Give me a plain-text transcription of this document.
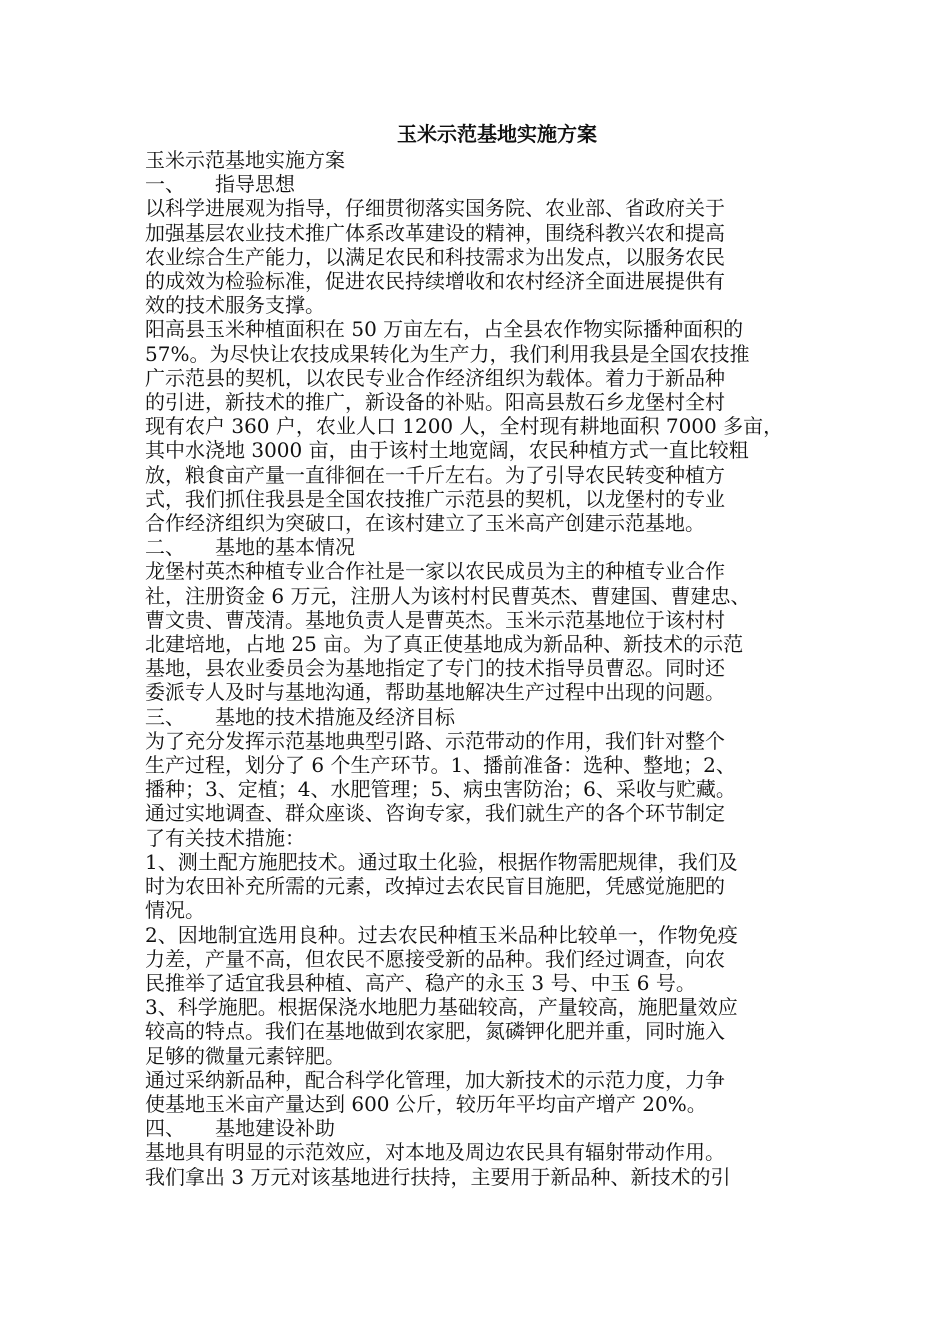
玉米示范基地实施方案
玉米示范基地实施方案
一、 指导思想
以科学进展观为指导，仔细贯彻落实国务院、农业部、省政府关于
加强基层农业技术推广体系改革建设的精神，围绕科教兴农和提高
农业综合生产能力，以满足农民和科技需求为出发点，以服务农民
的成效为检验标准，促进农民持续增收和农村经济全面进展提供有
效的技术服务支撑。
阳高县玉米种植面积在 50 万亩左右，占全县农作物实际播种面积的
57%。为尽快让农技成果转化为生产力，我们利用我县是全国农技推
广示范县的契机，以农民专业合作经济组织为载体。着力于新品种
的引进，新技术的推广，新设备的补贴。阳高县敖石乡龙堡村全村
现有农户 360 户，农业人口 1200 人，全村现有耕地面积 7000 多亩，
其中水浇地 3000 亩，由于该村土地宽阔，农民种植方式一直比较粗
放，粮食亩产量一直徘徊在一千斤左右。为了引导农民转变种植方
式，我们抓住我县是全国农技推广示范县的契机，以龙堡村的专业
合作经济组织为突破口，在该村建立了玉米高产创建示范基地。
二、 基地的基本情况
龙堡村英杰种植专业合作社是一家以农民成员为主的种植专业合作
社，注册资金 6 万元，注册人为该村村民曹英杰、曹建国、曹建忠、
曹文贵、曹茂清。基地负责人是曹英杰。玉米示范基地位于该村村
北建培地，占地 25 亩。为了真正使基地成为新品种、新技术的示范
基地，县农业委员会为基地指定了专门的技术指导员曹忍。同时还
委派专人及时与基地沟通，帮助基地解决生产过程中出现的问题。
三、 基地的技术措施及经济目标
为了充分发挥示范基地典型引路、示范带动的作用，我们针对整个
生产过程，划分了 6 个生产环节。1、播前准备：选种、整地；2、
播种；3、定植；4、水肥管理；5、病虫害防治；6、采收与贮藏。
通过实地调查、群众座谈、咨询专家，我们就生产的各个环节制定
了有关技术措施：
1、测土配方施肥技术。通过取土化验，根据作物需肥规律，我们及
时为农田补充所需的元素，改掉过去农民盲目施肥，凭感觉施肥的
情况。
2、因地制宜选用良种。过去农民种植玉米品种比较单一，作物免疫
力差，产量不高，但农民不愿接受新的品种。我们经过调查，向农
民推举了适宜我县种植、高产、稳产的永玉 3 号、中玉 6 号。
3、科学施肥。根据保浇水地肥力基础较高，产量较高，施肥量效应
较高的特点。我们在基地做到农家肥，氮磷钾化肥并重，同时施入
足够的微量元素锌肥。
通过采纳新品种，配合科学化管理，加大新技术的示范力度，力争
使基地玉米亩产量达到 600 公斤，较历年平均亩产增产 20%。
四、 基地建设补助
基地具有明显的示范效应，对本地及周边农民具有辐射带动作用。
我们拿出 3 万元对该基地进行扶持，主要用于新品种、新技术的引
